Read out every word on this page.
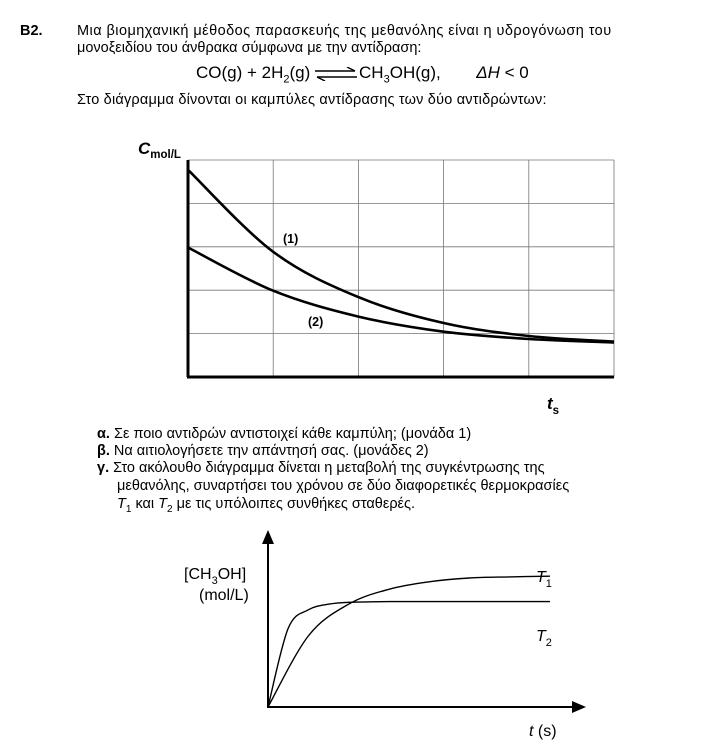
Β2. Μια βιομηχανική μέθοδος παρασκευής της μεθανόλης είναι η υδρογόνωση του
μονοξειδίου του άνθρακα σύμφωνα με την αντίδραση:
$CO(g) + 2H_2(g)$ $\rightleftharpoons CH_3OH(g)$, ΔH < 0
Στο διάγραμμα δίνονται οι καμπύλες αντίδρασης των δύο αντιδρώντων:
(1)
(2)
$C_{mol/L}$
$t_s$
α. Σε ποιο αντιδρών αντιστοιχεί κάθε καμπύλη; (μονάδα 1)
β. Να αιτιολογήσετε την απάντησή σας. (μονάδες 2)
γ. Στο ακόλουθο διάγραμμα δίνεται η μεταβολή της συγκέντρωσης της
μεθανόλης, συναρτήσει του χρόνου σε δύο διαφορετικές θερμοκρασίες
$T_1$ και $T_2$ με τις υπόλοιπες συνθήκες σταθερές.
$[CH_3OH]$
(mol/L)
$T_1$
$T_2$
t (s)
